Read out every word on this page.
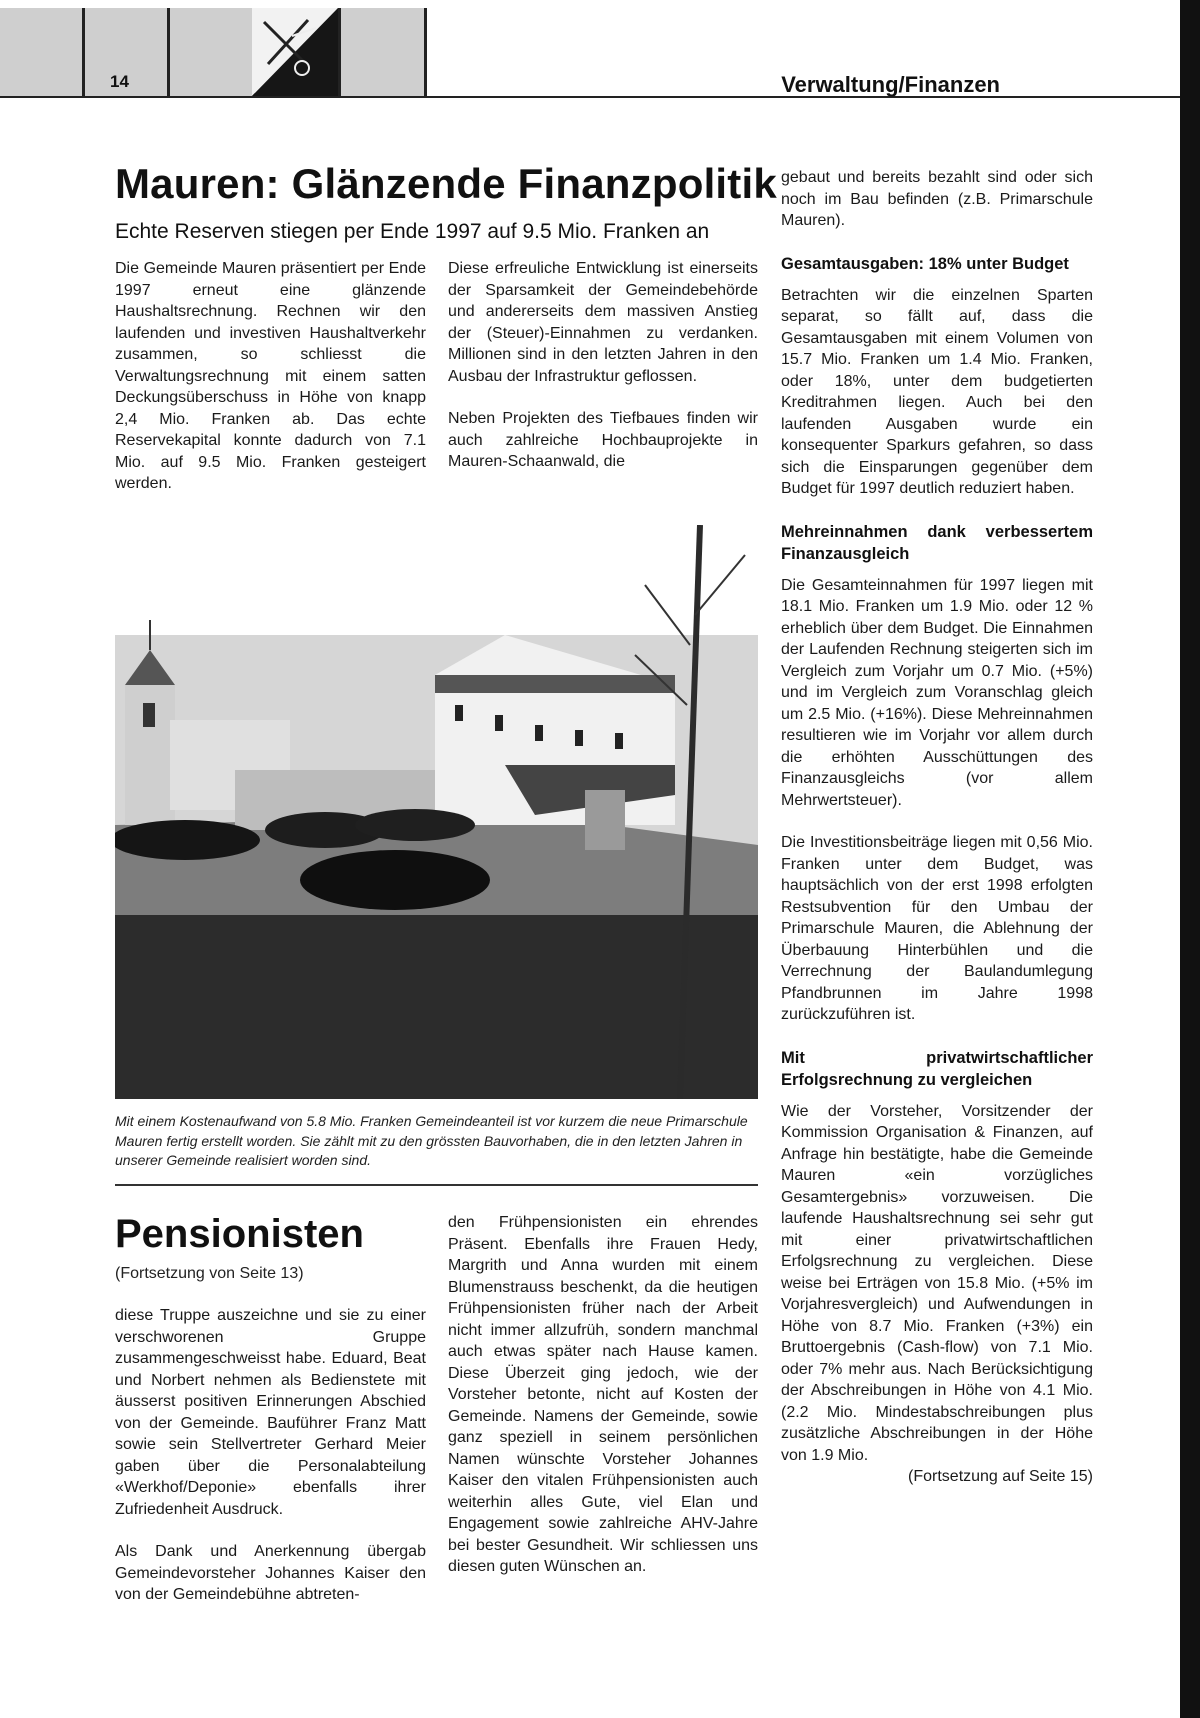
14	Verwaltung/Finanzen
Mauren: Glänzende Finanzpolitik
Echte Reserven stiegen per Ende 1997 auf 9.5 Mio. Franken an

Die Gemeinde Mauren präsentiert per Ende 1997 erneut eine glänzende Haushaltsrechnung. Rechnen wir den laufenden und investiven Haushaltverkehr zusammen, so schliesst die Verwaltungsrechnung mit einem satten Deckungsüberschuss in Höhe von knapp 2,4 Mio. Franken ab. Das echte Reservekapital konnte dadurch von 7.1 Mio. auf 9.5 Mio. Franken gesteigert werden.

Diese erfreuliche Entwicklung ist einerseits der Sparsamkeit der Gemeindebehörde und andererseits dem massiven Anstieg der (Steuer)-Einnahmen zu verdanken. Millionen sind in den letzten Jahren in den Ausbau der Infrastruktur geflossen.

Neben Projekten des Tiefbaues finden wir auch zahlreiche Hochbauprojekte in Mauren-Schaanwald, die

gebaut und bereits bezahlt sind oder sich noch im Bau befinden (z.B. Primarschule Mauren).

Gesamtausgaben: 18% unter Budget

Betrachten wir die einzelnen Sparten separat, so fällt auf, dass die Gesamtausgaben mit einem Volumen von 15.7 Mio. Franken um 1.4 Mio. Franken, oder 18%, unter dem budgetierten Kreditrahmen liegen. Auch bei den laufenden Ausgaben wurde ein konsequenter Sparkurs gefahren, so dass sich die Einsparungen gegenüber dem Budget für 1997 deutlich reduziert haben.

Mehreinnahmen dank verbessertem Finanzausgleich

Die Gesamteinnahmen für 1997 liegen mit 18.1 Mio. Franken um 1.9 Mio. oder 12 % erheblich über dem Budget. Die Einnahmen der Laufenden Rechnung steigerten sich im Vergleich zum Vorjahr um 0.7 Mio. (+5%) und im Vergleich zum Voranschlag gleich um 2.5 Mio. (+16%). Diese Mehreinnahmen resultieren wie im Vorjahr vor allem durch die erhöhten Ausschüttungen des Finanzausgleichs (vor allem Mehrwertsteuer).

Die Investitionsbeiträge liegen mit 0,56 Mio. Franken unter dem Budget, was hauptsächlich von der erst 1998 erfolgten Restsubvention für den Umbau der Primarschule Mauren, die Ablehnung der Überbauung Hinterbühlen und die Verrechnung der Baulandumlegung Pfandbrunnen im Jahre 1998 zurückzuführen ist.

Mit privatwirtschaftlicher Erfolgsrechnung zu vergleichen

Wie der Vorsteher, Vorsitzender der Kommission Organisation & Finanzen, auf Anfrage hin bestätigte, habe die Gemeinde Mauren «ein vorzügliches Gesamtergebnis» vorzuweisen. Die laufende Haushaltsrechnung sei sehr gut mit einer privatwirtschaftlichen Erfolgsrechnung zu vergleichen. Diese weise bei Erträgen von 15.8 Mio. (+5% im Vorjahresvergleich) und Aufwendungen in Höhe von 8.7 Mio. Franken (+3%) ein Bruttoergebnis (Cash-flow) von 7.1 Mio. oder 7% mehr aus. Nach Berücksichtigung der Abschreibungen in Höhe von 4.1 Mio. (2.2 Mio. Mindestabschreibungen plus zusätzliche Abschreibungen in der Höhe von 1.9 Mio.

(Fortsetzung auf Seite 15)
Mit einem Kostenaufwand von 5.8 Mio. Franken Gemeindeanteil ist vor kurzem die neue Primarschule Mauren fertig erstellt worden. Sie zählt mit zu den grössten Bauvorhaben, die in den letzten Jahren in unserer Gemeinde realisiert worden sind.
Pensionisten
(Fortsetzung von Seite 13)

diese Truppe auszeichne und sie zu einer verschworenen Gruppe zusammengeschweisst habe. Eduard, Beat und Norbert nehmen als Bedienstete mit äusserst positiven Erinnerungen Abschied von der Gemeinde. Bauführer Franz Matt sowie sein Stellvertreter Gerhard Meier gaben über die Personalabteilung «Werkhof/Deponie» ebenfalls ihrer Zufriedenheit Ausdruck.

Als Dank und Anerkennung übergab Gemeindevorsteher Johannes Kaiser den von der Gemeindebühne abtreten-

den Frühpensionisten ein ehrendes Präsent. Ebenfalls ihre Frauen Hedy, Margrith und Anna wurden mit einem Blumenstrauss beschenkt, da die heutigen Frühpensionisten früher nach der Arbeit nicht immer allzufrüh, sondern manchmal auch etwas später nach Hause kamen. Diese Überzeit ging jedoch, wie der Vorsteher betonte, nicht auf Kosten der Gemeinde. Namens der Gemeinde, sowie ganz speziell in seinem persönlichen Namen wünschte Vorsteher Johannes Kaiser den vitalen Frühpensionisten auch weiterhin alles Gute, viel Elan und Engagement sowie zahlreiche AHV-Jahre bei bester Gesundheit. Wir schliessen uns diesen guten Wünschen an.
